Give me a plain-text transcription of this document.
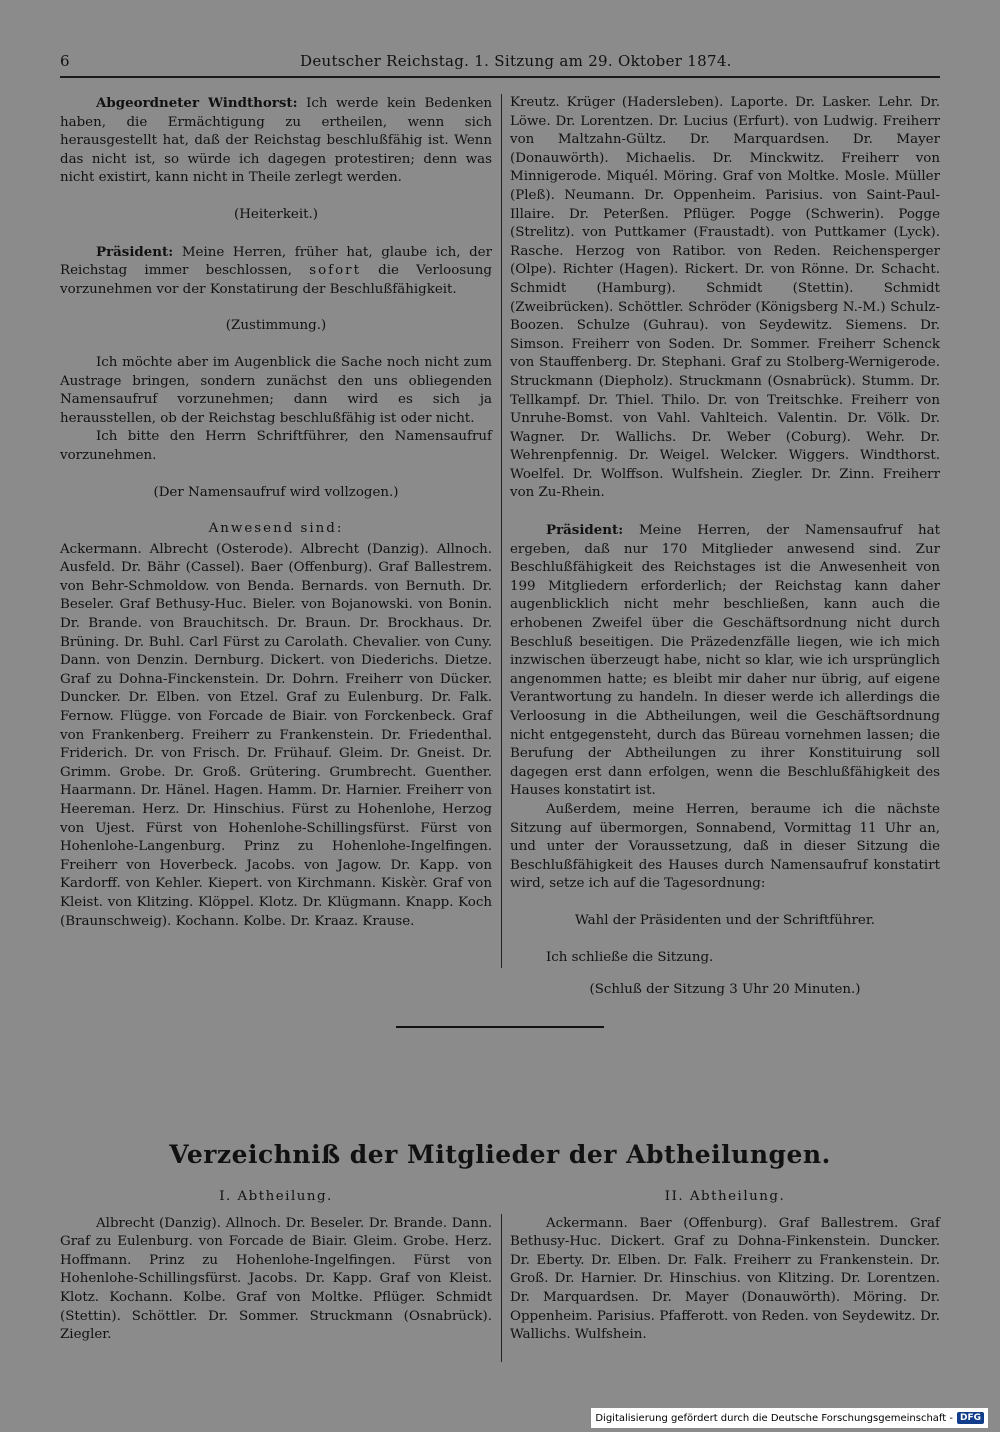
6	Deutscher Reichstag. 1. Sitzung am 29. Oktober 1874.

Abgeordneter Windthorst: Ich werde kein Bedenken haben, die Ermächtigung zu ertheilen, wenn sich herausgestellt hat, daß der Reichstag beschlußfähig ist. Wenn das nicht ist, so würde ich dagegen protestiren; denn was nicht existirt, kann nicht in Theile zerlegt werden.

(Heiterkeit.)

Präsident: Meine Herren, früher hat, glaube ich, der Reichstag immer beschlossen, sofort die Verloosung vorzunehmen vor der Konstatirung der Beschlußfähigkeit.

(Zustimmung.)

Ich möchte aber im Augenblick die Sache noch nicht zum Austrage bringen, sondern zunächst den uns obliegenden Namensaufruf vorzunehmen; dann wird es sich ja herausstellen, ob der Reichstag beschlußfähig ist oder nicht.

Ich bitte den Herrn Schriftführer, den Namensaufruf vorzunehmen.

(Der Namensaufruf wird vollzogen.)

Anwesend sind:

Ackermann. Albrecht (Osterode). Albrecht (Danzig). Allnoch. Ausfeld. Dr. Bähr (Cassel). Baer (Offenburg). Graf Ballestrem. von Behr-Schmoldow. von Benda. Bernards. von Bernuth. Dr. Beseler. Graf Bethusy-Huc. Bieler. von Bojanowski. von Bonin. Dr. Brande. von Brauchitsch. Dr. Braun. Dr. Brockhaus. Dr. Brüning. Dr. Buhl. Carl Fürst zu Carolath. Chevalier. von Cuny. Dann. von Denzin. Dernburg. Dickert. von Diederichs. Dietze. Graf zu Dohna-Finckenstein. Dr. Dohrn. Freiherr von Dücker. Duncker. Dr. Elben. von Etzel. Graf zu Eulenburg. Dr. Falk. Fernow. Flügge. von Forcade de Biair. von Forckenbeck. Graf von Frankenberg. Freiherr zu Frankenstein. Dr. Friedenthal. Friderich. Dr. von Frisch. Dr. Frühauf. Gleim. Dr. Gneist. Dr. Grimm. Grobe. Dr. Groß. Grütering. Grumbrecht. Guenther. Haarmann. Dr. Hänel. Hagen. Hamm. Dr. Harnier. Freiherr von Heereman. Herz. Dr. Hinschius. Fürst zu Hohenlohe, Herzog von Ujest. Fürst von Hohenlohe-Schillingsfürst. Fürst von Hohenlohe-Langenburg. Prinz zu Hohenlohe-Ingelfingen. Freiherr von Hoverbeck. Jacobs. von Jagow. Dr. Kapp. von Kardorff. von Kehler. Kiepert. von Kirchmann. Kiskèr. Graf von Kleist. von Klitzing. Klöppel. Klotz. Dr. Klügmann. Knapp. Koch (Braunschweig). Kochann. Kolbe. Dr. Kraaz. Krause.

Kreutz. Krüger (Hadersleben). Laporte. Dr. Lasker. Lehr. Dr. Löwe. Dr. Lorentzen. Dr. Lucius (Erfurt). von Ludwig. Freiherr von Maltzahn-Gültz. Dr. Marquardsen. Dr. Mayer (Donauwörth). Michaelis. Dr. Minckwitz. Freiherr von Minnigerode. Miquél. Möring. Graf von Moltke. Mosle. Müller (Pleß). Neumann. Dr. Oppenheim. Parisius. von Saint-Paul-Illaire. Dr. Peterßen. Pflüger. Pogge (Schwerin). Pogge (Strelitz). von Puttkamer (Fraustadt). von Puttkamer (Lyck). Rasche. Herzog von Ratibor. von Reden. Reichensperger (Olpe). Richter (Hagen). Rickert. Dr. von Rönne. Dr. Schacht. Schmidt (Hamburg). Schmidt (Stettin). Schmidt (Zweibrücken). Schöttler. Schröder (Königsberg N.-M.) Schulz-Boozen. Schulze (Guhrau). von Seydewitz. Siemens. Dr. Simson. Freiherr von Soden. Dr. Sommer. Freiherr Schenck von Stauffenberg. Dr. Stephani. Graf zu Stolberg-Wernigerode. Struckmann (Diepholz). Struckmann (Osnabrück). Stumm. Dr. Tellkampf. Dr. Thiel. Thilo. Dr. von Treitschke. Freiherr von Unruhe-Bomst. von Vahl. Vahlteich. Valentin. Dr. Völk. Dr. Wagner. Dr. Wallichs. Dr. Weber (Coburg). Wehr. Dr. Wehrenpfennig. Dr. Weigel. Welcker. Wiggers. Windthorst. Woelfel. Dr. Wolffson. Wulfshein. Ziegler. Dr. Zinn. Freiherr von Zu-Rhein.

Präsident: Meine Herren, der Namensaufruf hat ergeben, daß nur 170 Mitglieder anwesend sind. Zur Beschlußfähigkeit des Reichstages ist die Anwesenheit von 199 Mitgliedern erforderlich; der Reichstag kann daher augenblicklich nicht mehr beschließen, kann auch die erhobenen Zweifel über die Geschäftsordnung nicht durch Beschluß beseitigen. Die Präzedenzfälle liegen, wie ich mich inzwischen überzeugt habe, nicht so klar, wie ich ursprünglich angenommen hatte; es bleibt mir daher nur übrig, auf eigene Verantwortung zu handeln. In dieser werde ich allerdings die Verloosung in die Abtheilungen, weil die Geschäftsordnung nicht entgegensteht, durch das Büreau vornehmen lassen; die Berufung der Abtheilungen zu ihrer Konstituirung soll dagegen erst dann erfolgen, wenn die Beschlußfähigkeit des Hauses konstatirt ist.

Außerdem, meine Herren, beraume ich die nächste Sitzung auf übermorgen, Sonnabend, Vormittag 11 Uhr an, und unter der Voraussetzung, daß in dieser Sitzung die Beschlußfähigkeit des Hauses durch Namensaufruf konstatirt wird, setze ich auf die Tagesordnung:

Wahl der Präsidenten und der Schriftführer.

Ich schließe die Sitzung.

(Schluß der Sitzung 3 Uhr 20 Minuten.)

Verzeichniß der Mitglieder der Abtheilungen.
I. Abtheilung.

Albrecht (Danzig). Allnoch. Dr. Beseler. Dr. Brande. Dann. Graf zu Eulenburg. von Forcade de Biair. Gleim. Grobe. Herz. Hoffmann. Prinz zu Hohenlohe-Ingelfingen. Fürst von Hohenlohe-Schillingsfürst. Jacobs. Dr. Kapp. Graf von Kleist. Klotz. Kochann. Kolbe. Graf von Moltke. Pflüger. Schmidt (Stettin). Schöttler. Dr. Sommer. Struckmann (Osnabrück). Ziegler.

II. Abtheilung.

Ackermann. Baer (Offenburg). Graf Ballestrem. Graf Bethusy-Huc. Dickert. Graf zu Dohna-Finkenstein. Duncker. Dr. Eberty. Dr. Elben. Dr. Falk. Freiherr zu Frankenstein. Dr. Groß. Dr. Harnier. Dr. Hinschius. von Klitzing. Dr. Lorentzen. Dr. Marquardsen. Dr. Mayer (Donauwörth). Möring. Dr. Oppenheim. Parisius. Pfafferott. von Reden. von Seydewitz. Dr. Wallichs. Wulfshein.

Digitalisierung gefördert durch die Deutsche Forschungsgemeinschaft - DFG
